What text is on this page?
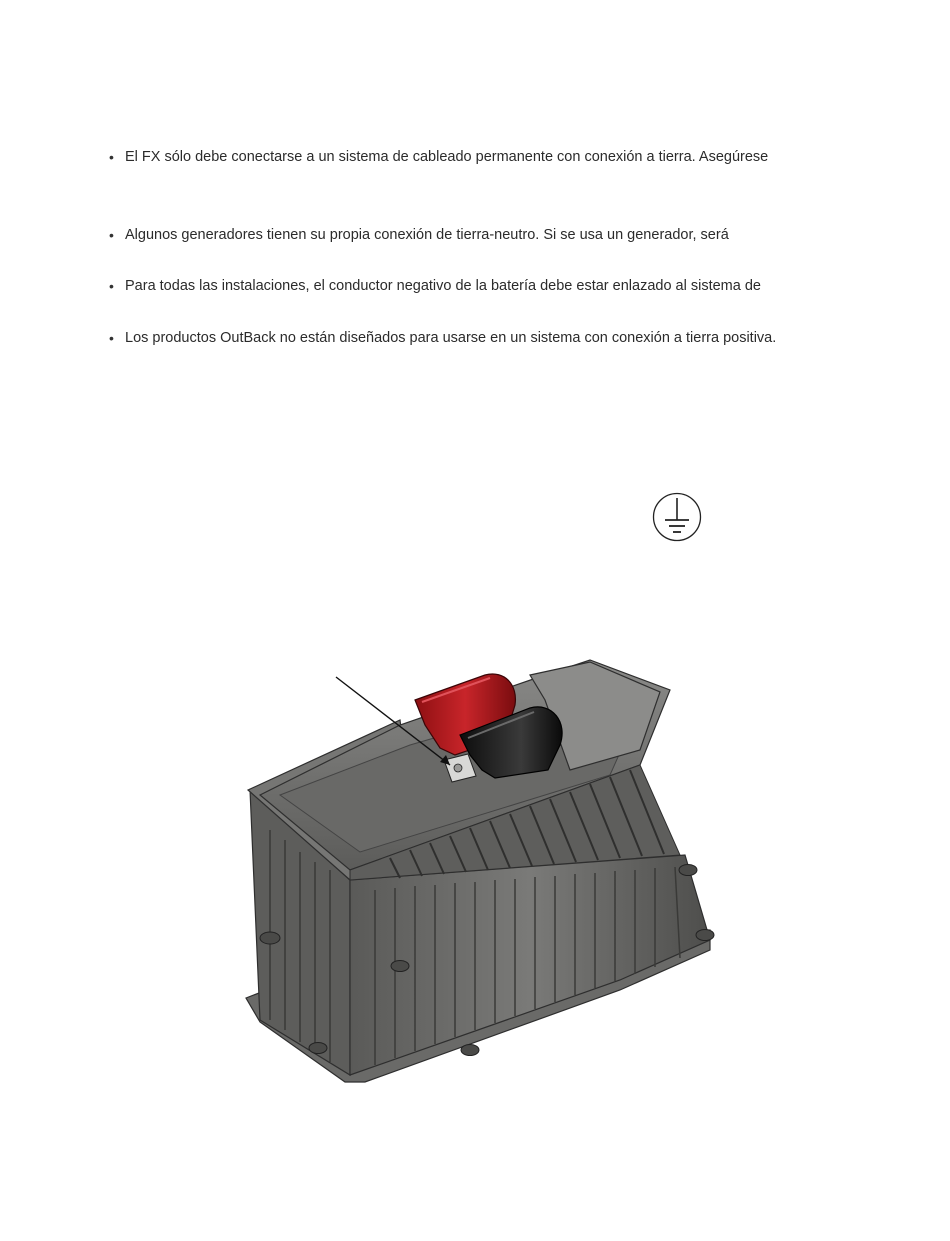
• El FX sólo debe conectarse a un sistema de cableado permanente con conexión a tierra. Asegúrese
• Algunos generadores tienen su propia conexión de tierra-neutro. Si se usa un generador, será
• Para todas las instalaciones, el conductor negativo de la batería debe estar enlazado al sistema de
• Los productos OutBack no están diseñados para usarse en un sistema con conexión a tierra positiva.
